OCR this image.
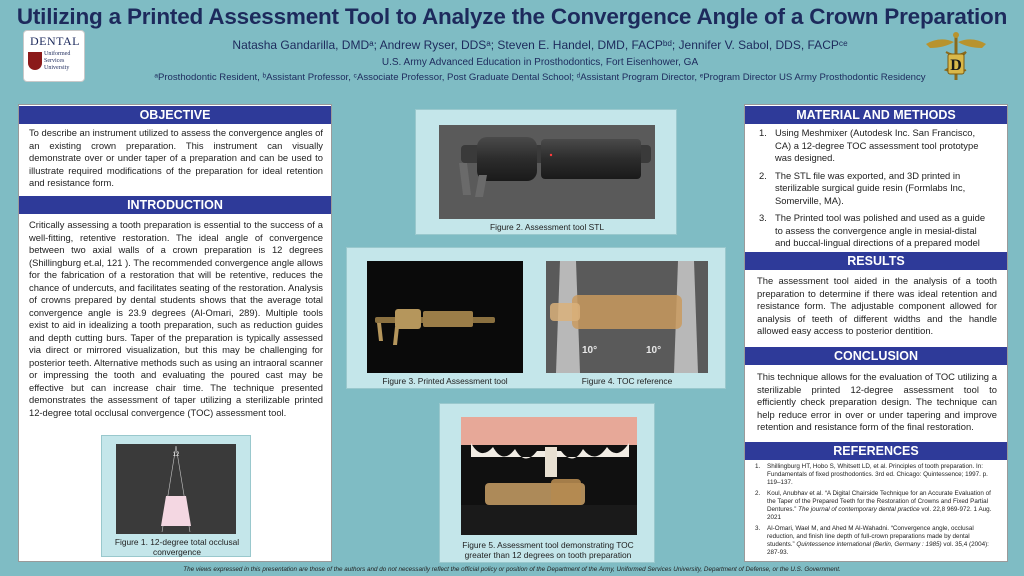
Utilizing a Printed Assessment Tool to Analyze the Convergence Angle of a Crown Preparation
Natasha Gandarilla, DMDᵃ; Andrew Ryser, DDSᵃ; Steven E. Handel, DMD, FACPᵇᵈ; Jennifer V. Sabol, DDS, FACPᶜᵉ
U.S. Army Advanced Education in Prosthodontics, Fort Eisenhower, GA
ᵃProsthodontic Resident, ᵇAssistant Professor, ᶜAssociate Professor, Post Graduate Dental School; ᵈAssistant Program Director, ᵉProgram Director US Army Prosthodontic Residency
DENTAL
Uniformed
Services
University	D
OBJECTIVE
To describe an instrument utilized to assess the convergence angles of an existing crown preparation. This instrument can visually demonstrate over or under taper of a preparation and can be used to illustrate required modifications of the preparation for ideal retention and resistance form.
INTRODUCTION
Critically assessing a tooth preparation is essential to the success of a well-fitting, retentive restoration. The ideal angle of convergence between two axial walls of a crown preparation is 12 degrees (Shillingburg et.al, 121 ). The recommended convergence angle allows for the fabrication of a restoration that will be retentive, reduces the chance of undercuts, and facilitates seating of the restoration. Analysis of crowns prepared by dental students shows that the average total convergence angle is 23.9 degrees (Al-Omari, 289). Multiple tools exist to aid in idealizing a tooth preparation, such as reduction guides and depth cutting burs. Taper of the preparation is typically assessed via direct or mirrored visualization, but this may be challenging for posterior teeth. Alternative methods such as using an intraoral scanner or impressing the tooth and evaluating the poured cast may be effective but can increase chair time. The technique presented demonstrates the assessment of taper utilizing a sterilizable printed 12-degree total occlusal convergence (TOC) assessment tool.
12
Figure 1. 12-degree total occlusal convergence
Figure 2. Assessment tool STL
Figure 3. Printed Assessment tool
10°	10°
Figure 4. TOC reference
Figure 5. Assessment tool demonstrating TOC greater than 12 degrees on tooth preparation
MATERIAL AND METHODS
1. Using Meshmixer (Autodesk Inc. San Francisco, CA) a 12-degree TOC assessment tool prototype was designed.
2. The STL file was exported, and 3D printed in sterilizable surgical guide resin (Formlabs Inc, Somerville, MA).
3. The Printed tool was polished and used as a guide to assess the convergence angle in mesial-distal and buccal-lingual directions of a prepared model
RESULTS
The assessment tool aided in the analysis of a tooth preparation to determine if there was ideal retention and resistance form. The adjustable component allowed for analysis of teeth of different widths and the handle allowed easy access to posterior dentition.
CONCLUSION
This technique allows for the evaluation of TOC utilizing a sterilizable printed 12-degree assessment tool to efficiently check preparation design. The technique can help reduce error in over or under tapering and improve retention and resistance form of the final restoration.
REFERENCES
1. Shillingburg HT, Hobo S, Whitsett LD, et al. Principles of tooth preparation. In: Fundamentals of fixed prosthodontics. 3rd ed. Chicago: Quintessence; 1997. p. 119–137.
2. Koul, Anubhav et al. “A Digital Chairside Technique for an Accurate Evaluation of the Taper of the Prepared Teeth for the Restoration of Crowns and Fixed Partial Dentures.” The journal of contemporary dental practice vol. 22,8 969-972. 1 Aug. 2021
3. Al-Omari, Wael M, and Ahed M Al-Wahadni. “Convergence angle, occlusal reduction, and finish line depth of full-crown preparations made by dental students.” Quintessence international (Berlin, Germany : 1985) vol. 35,4 (2004): 287-93.
The views expressed in this presentation are those of the authors and do not necessarily reflect the official policy or position of the Department of the Army, Uniformed Services University, Department of Defense, or the U.S. Government.
